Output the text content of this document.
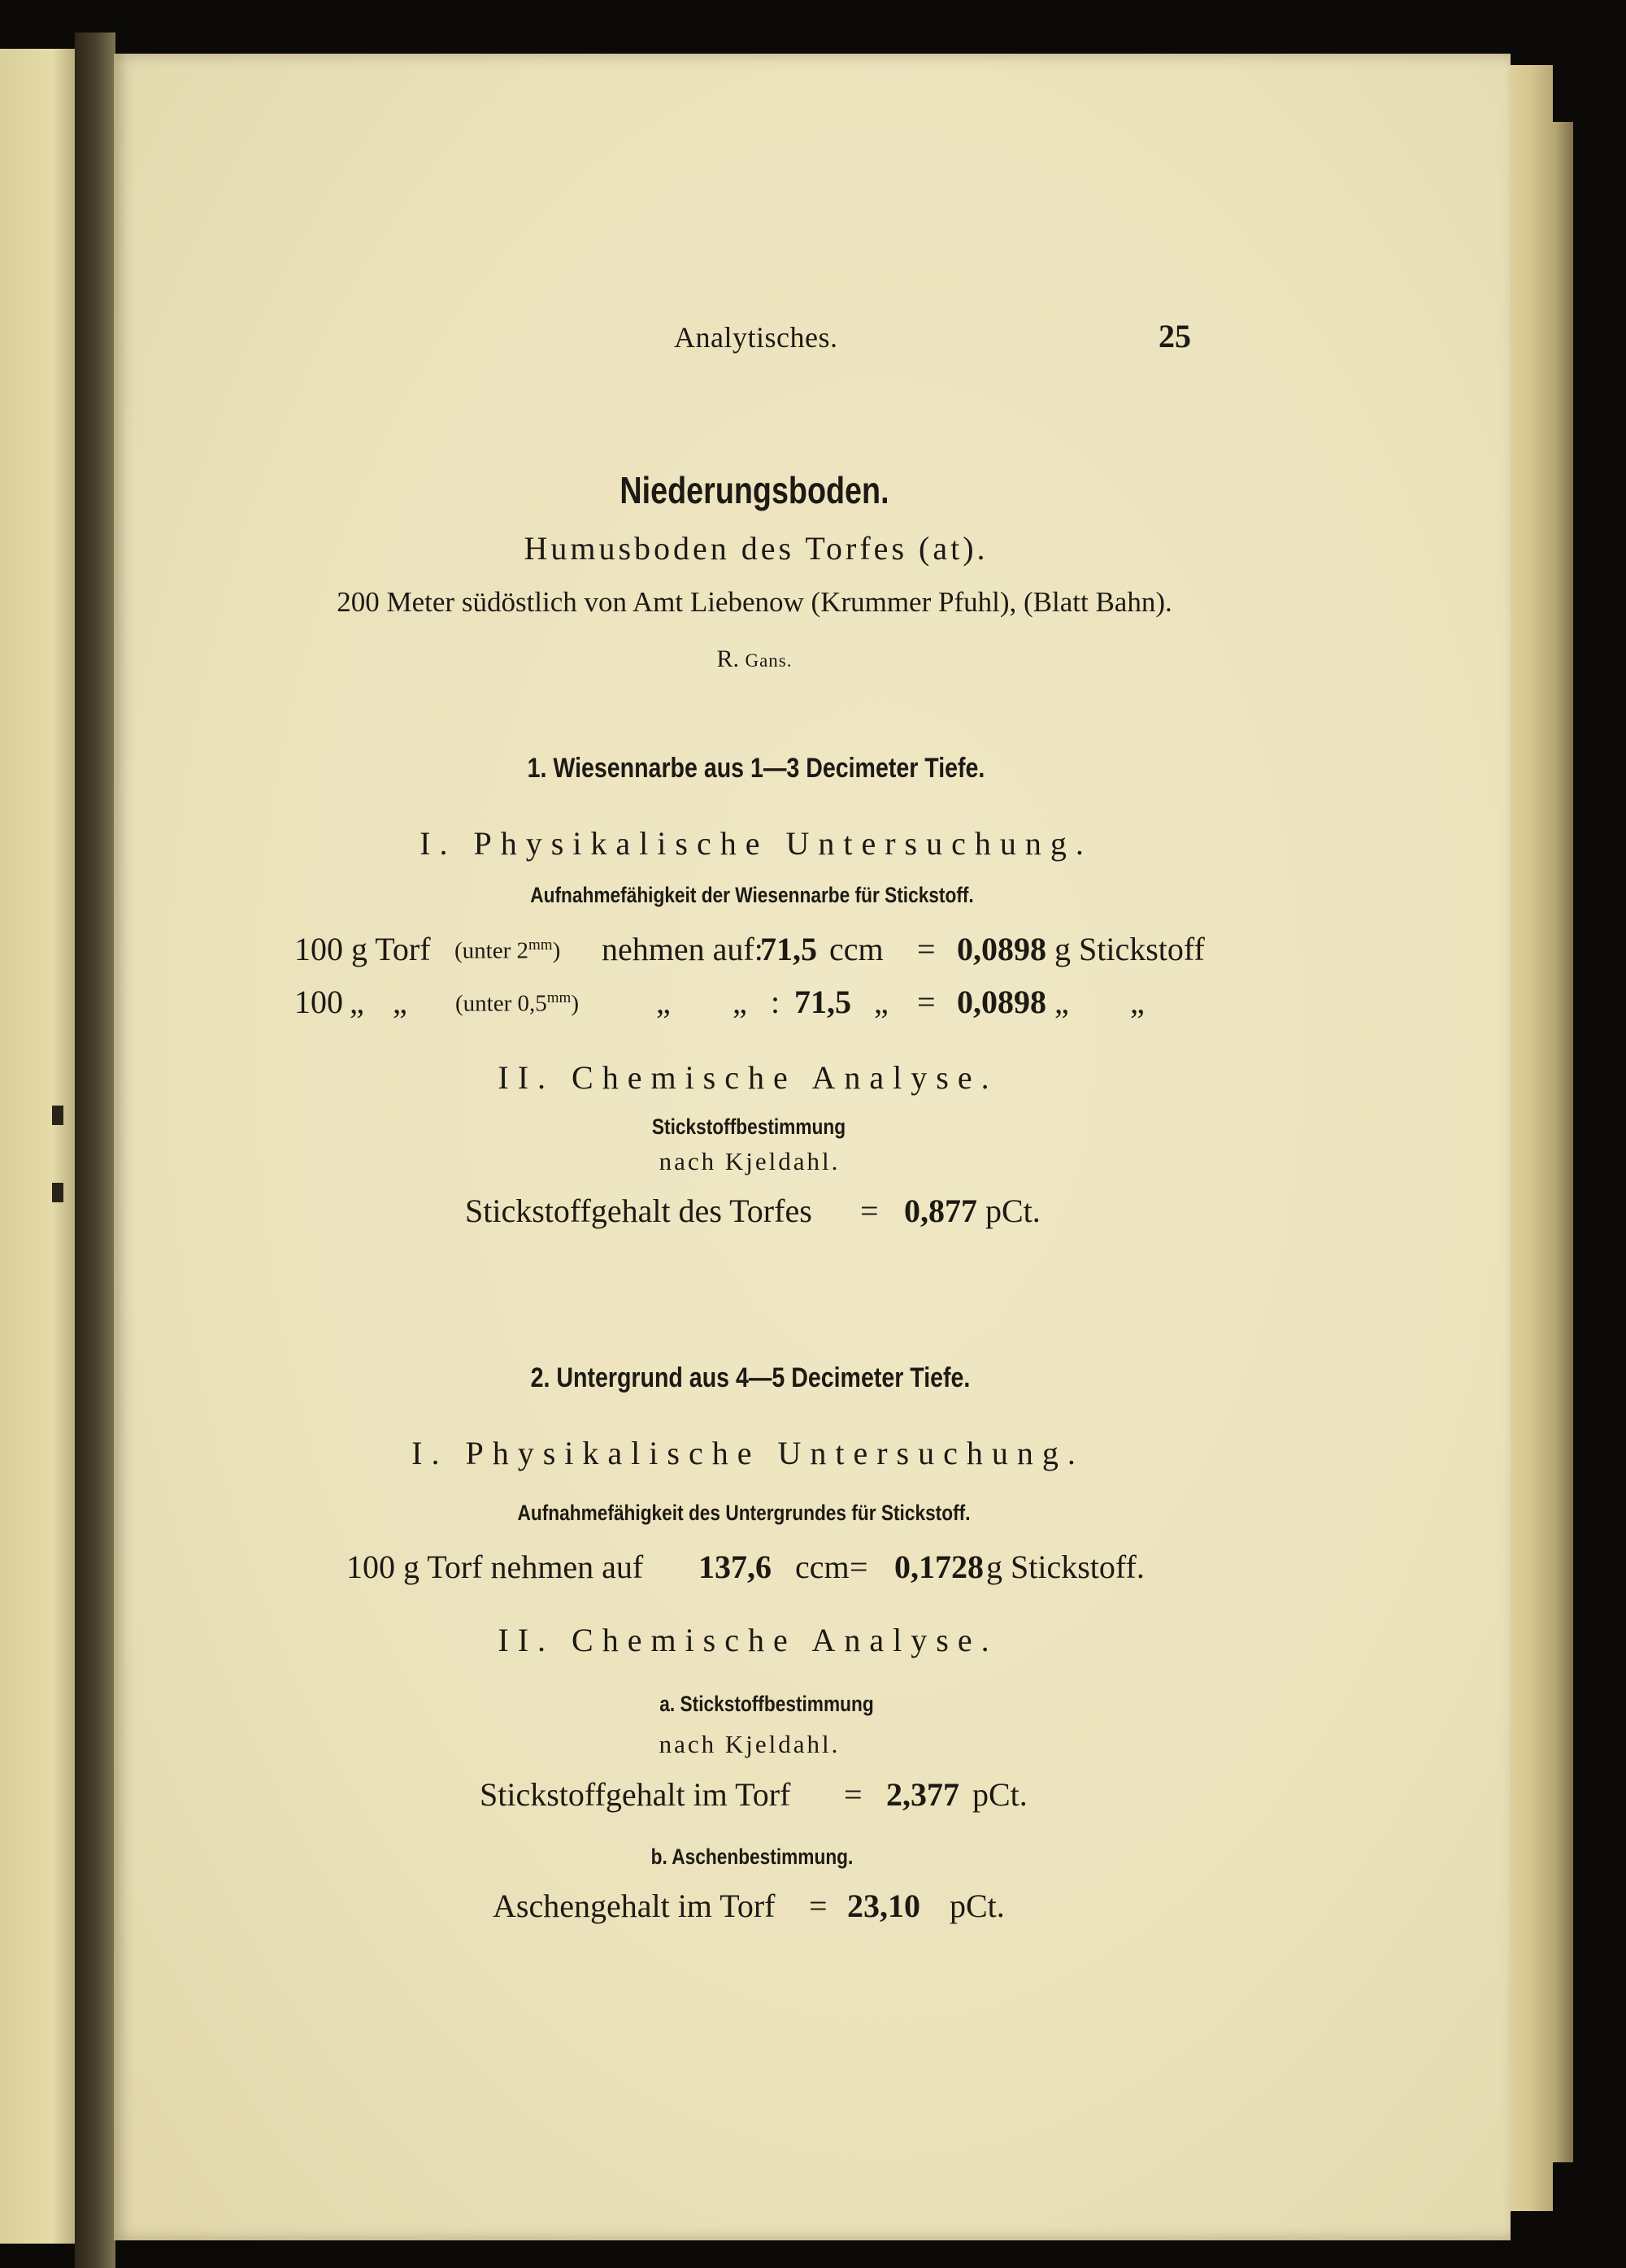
Analytisches.	25
Niederungsboden.
Humusboden des Torfes (at).
200 Meter südöstlich von Amt Liebenow (Krummer Pfuhl), (Blatt Bahn).
R. Gans.
1. Wiesennarbe aus 1—3 Decimeter Tiefe.
I. Physikalische Untersuchung.
Aufnahmefähigkeit der Wiesennarbe für Stickstoff.
100 g Torf (unter $2^{mm}$) nehmen auf:
71,5 ccm = 0,0898 g Stickstoff
100 „ „ (unter $0,5^{mm}$) „ „ : 71,5 „ = 0,0898 „ „
II. Chemische Analyse.
Stickstoffbestimmung
nach Kjeldahl.
Stickstoffgehalt des Torfes = 0,877 pCt.
2. Untergrund aus 4—5 Decimeter Tiefe.
I. Physikalische Untersuchung.
Aufnahmefähigkeit des Untergrundes für Stickstoff.
100 g Torf nehmen auf 137,6 ccm = 0,1728 g Stickstoff.
II. Chemische Analyse.
a. Stickstoffbestimmung
nach Kjeldahl.
Stickstoffgehalt im Torf = 2,377 pCt.
b. Aschenbestimmung.
Aschengehalt im Torf = 23,10 pCt.
